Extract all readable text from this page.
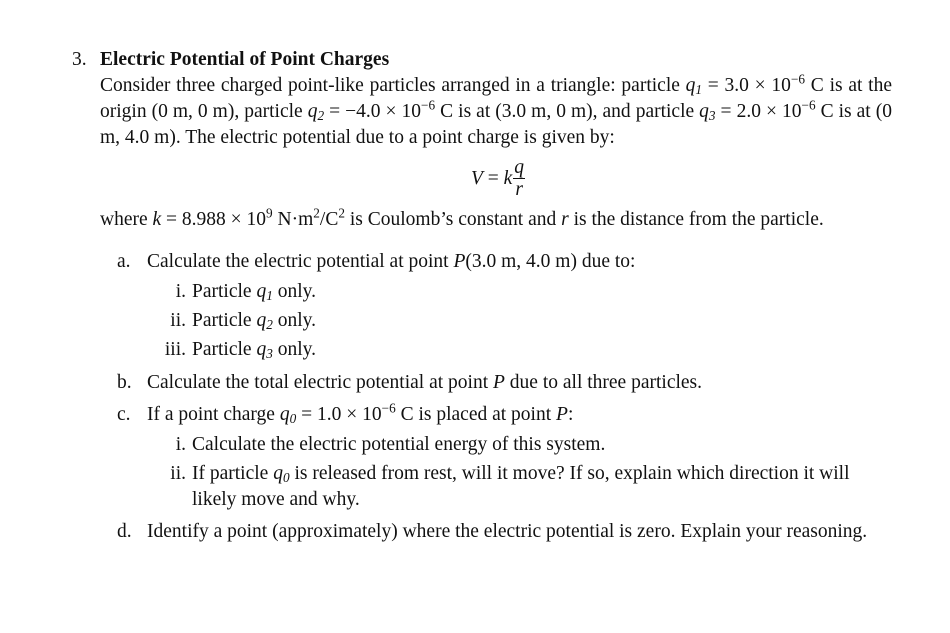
3. Electric Potential of Point Charges
Consider three charged point-like particles arranged in a triangle: particle $q_1 = 3.0 \times 10^{-6}$ C is at the origin (0 m, 0 m), particle $q_2 = -4.0 \times 10^{-6}$ C is at (3.0 m, 0 m), and particle $q_3 = 2.0 \times 10^{-6}$ C is at (0 m, 4.0 m). The electric potential due to a point charge is given by:
V = k $\frac{q}{r}$
where $k = 8.988 \times 10^9$ $N\cdot m^2/C^2$ is Coulomb’s constant and r is the distance from the particle.
a. Calculate the electric potential at point P(3.0 m, 4.0 m) due to:
i. Particle $q_1$ only.
ii. Particle $q_2$ only.
iii. Particle $q_3$ only.
b. Calculate the total electric potential at point P due to all three particles.
c. If a point charge $q_0 = 1.0 \times 10^{-6}$ C is placed at point P:
i. Calculate the electric potential energy of this system.
ii. If particle $q_0$ is released from rest, will it move? If so, explain which direction it will likely move and why.
d. Identify a point (approximately) where the electric potential is zero. Explain your reasoning.
